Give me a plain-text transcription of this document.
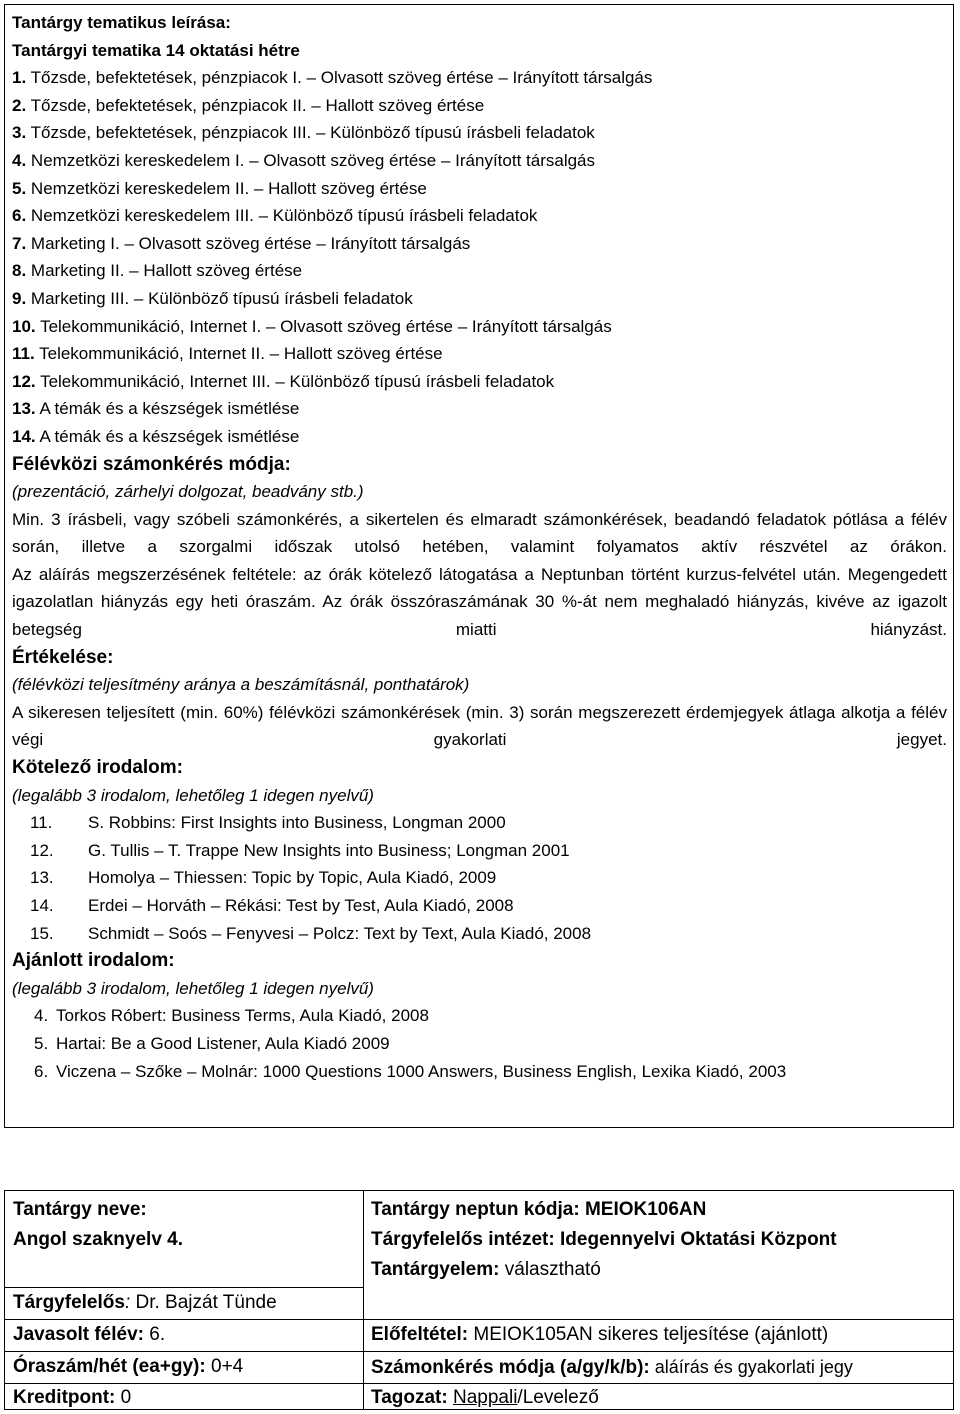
Tantárgy tematikus leírása:
Tantárgyi tematika 14 oktatási hétre
1. Tőzsde, befektetések, pénzpiacok I. – Olvasott szöveg értése – Irányított társalgás
2. Tőzsde, befektetések, pénzpiacok II. – Hallott szöveg értése
3. Tőzsde, befektetések, pénzpiacok III. – Különböző típusú írásbeli feladatok
4. Nemzetközi kereskedelem I. – Olvasott szöveg értése – Irányított társalgás
5. Nemzetközi kereskedelem II. – Hallott szöveg értése
6. Nemzetközi kereskedelem III. – Különböző típusú írásbeli feladatok
7. Marketing I. – Olvasott szöveg értése – Irányított társalgás
8. Marketing II. – Hallott szöveg értése
9. Marketing III. – Különböző típusú írásbeli feladatok
10. Telekommunikáció, Internet I. – Olvasott szöveg értése – Irányított társalgás
11. Telekommunikáció, Internet II. – Hallott szöveg értése
12. Telekommunikáció, Internet III. – Különböző típusú írásbeli feladatok
13. A témák és a készségek ismétlése
14. A témák és a készségek ismétlése
Félévközi számonkérés módja:
(prezentáció, zárhelyi dolgozat, beadvány stb.)
Min. 3 írásbeli, vagy szóbeli számonkérés, a sikertelen és elmaradt számonkérések, beadandó feladatok pótlása a félév során, illetve a szorgalmi időszak utolsó hetében, valamint folyamatos aktív részvétel az órákon.
Az aláírás megszerzésének feltétele: az órák kötelező látogatása a Neptunban történt kurzus-felvétel után. Megengedett igazolatlan hiányzás egy heti óraszám. Az órák összóraszámának 30 %-át nem meghaladó hiányzás, kivéve az igazolt betegség miatti hiányzást.
Értékelése:
(félévközi teljesítmény aránya a beszámításnál, ponthatárok)
A sikeresen teljesített (min. 60%) félévközi számonkérések (min. 3) során megszerezett érdemjegyek átlaga alkotja a félév végi gyakorlati jegyet.
Kötelező irodalom:
(legalább 3 irodalom, lehetőleg 1 idegen nyelvű)
11. S. Robbins: First Insights into Business, Longman 2000
12. G. Tullis – T. Trappe New Insights into Business; Longman 2001
13. Homolya – Thiessen: Topic by Topic, Aula Kiadó, 2009
14. Erdei – Horváth – Rékási: Test by Test, Aula Kiadó, 2008
15. Schmidt – Soós – Fenyvesi – Polcz: Text by Text, Aula Kiadó, 2008
Ajánlott irodalom:
(legalább 3 irodalom, lehetőleg 1 idegen nyelvű)
4. Torkos Róbert: Business Terms, Aula Kiadó, 2008
5. Hartai: Be a Good Listener, Aula Kiadó 2009
6. Viczena – Szőke – Molnár: 1000 Questions 1000 Answers, Business English, Lexika Kiadó, 2003
Tantárgy neve:
Angol szaknyelv 4.
Tárgyfelelős: Dr. Bajzát Tünde
Javasolt félév: 6.
Óraszám/hét (ea+gy): 0+4
Kreditpont: 0
Tantárgy neptun kódja: MEIOK106AN
Tárgyfelelős intézet: Idegennyelvi Oktatási Központ
Tantárgyelem: választható
Előfeltétel: MEIOK105AN sikeres teljesítése (ajánlott)
Számonkérés módja (a/gy/k/b): aláírás és gyakorlati jegy
Tagozat: Nappali/Levelező
